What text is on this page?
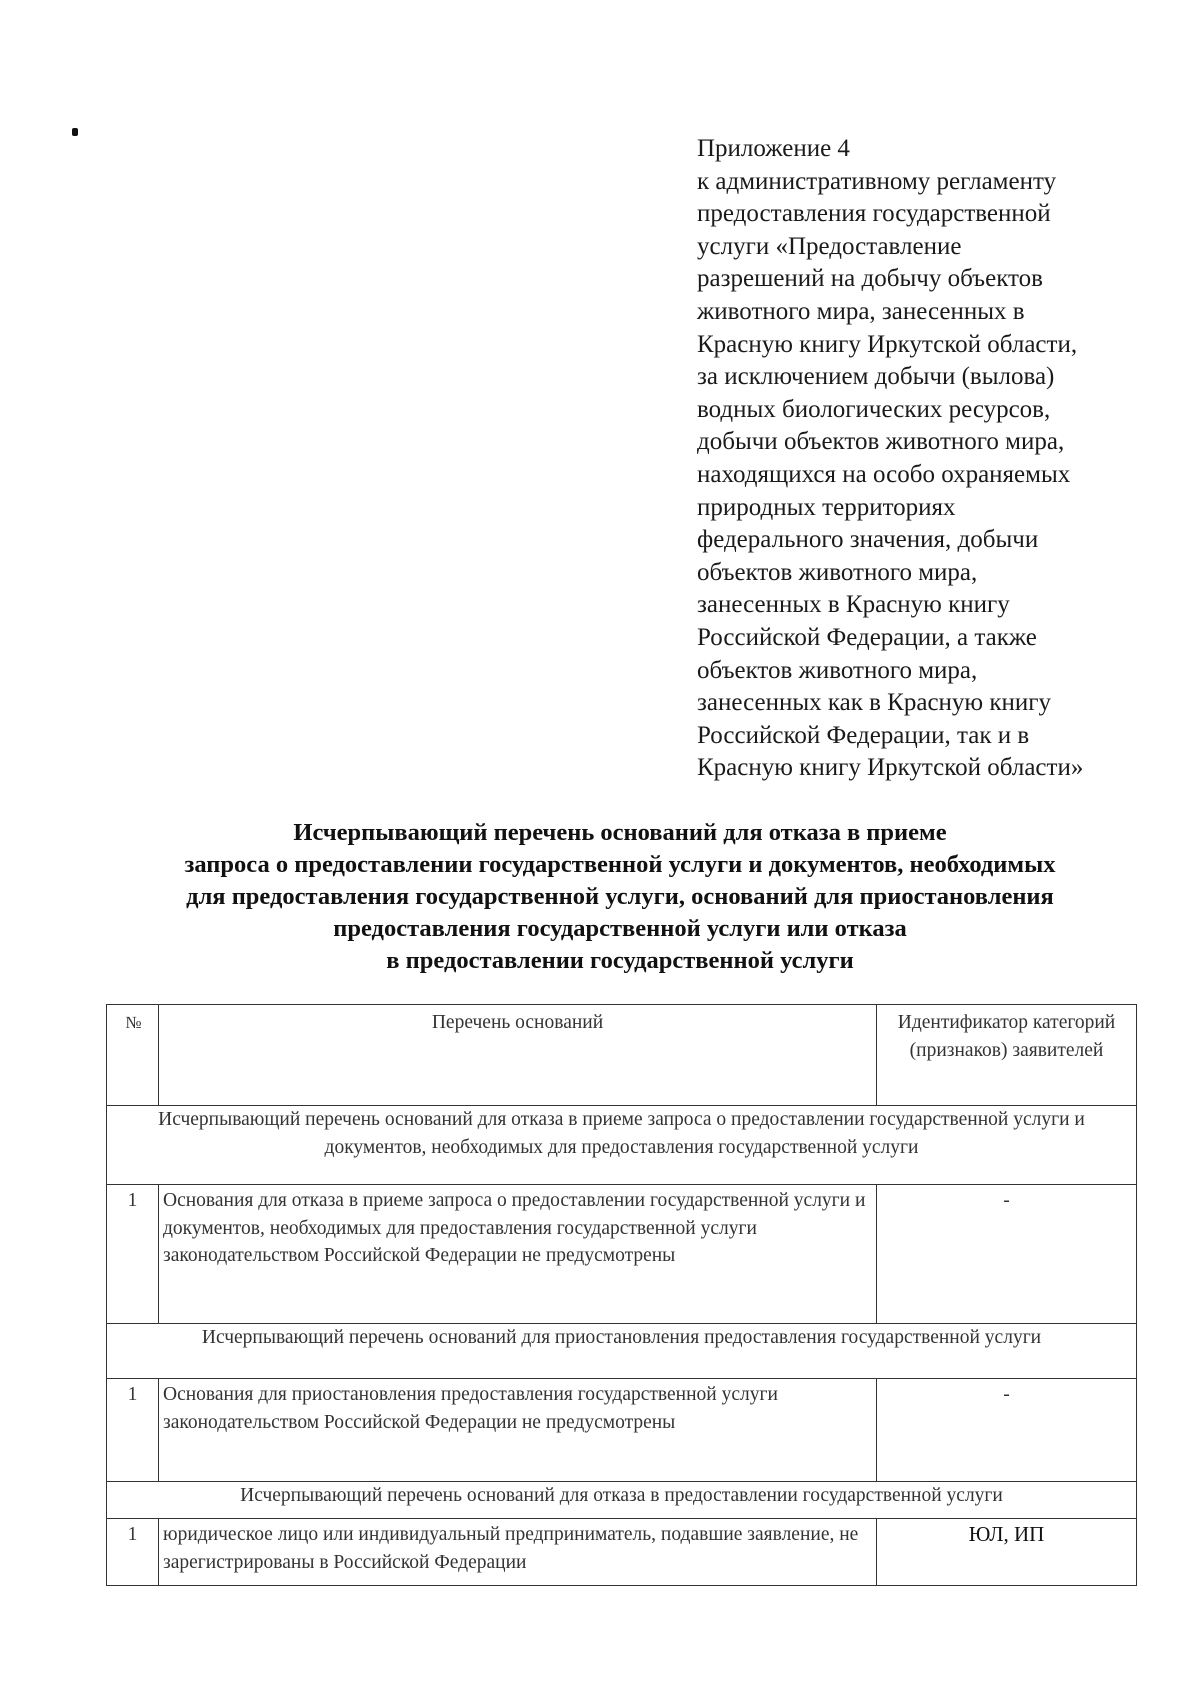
Приложение 4
к административному регламенту
предоставления государственной
услуги «Предоставление
разрешений на добычу объектов
животного мира, занесенных в
Красную книгу Иркутской области,
за исключением добычи (вылова)
водных биологических ресурсов,
добычи объектов животного мира,
находящихся на особо охраняемых
природных территориях
федерального значения, добычи
объектов животного мира,
занесенных в Красную книгу
Российской Федерации, а также
объектов животного мира,
занесенных как в Красную книгу
Российской Федерации, так и в
Красную книгу Иркутской области»
Исчерпывающий перечень оснований для отказа в приеме
запроса о предоставлении государственной услуги и документов, необходимых
для предоставления государственной услуги, оснований для приостановления
предоставления государственной услуги или отказа
в предоставлении государственной услуги
№	Перечень оснований	Идентификатор категорий (признаков) заявителей
Исчерпывающий перечень оснований для отказа в приеме запроса о предоставлении государственной услуги и документов, необходимых для предоставления государственной услуги		
1	Основания для отказа в приеме запроса о предоставлении государственной услуги и документов, необходимых для предоставления государственной услуги законодательством Российской Федерации не предусмотрены	-
Исчерпывающий перечень оснований для приостановления предоставления государственной услуги		
1	Основания для приостановления предоставления государственной услуги законодательством Российской Федерации не предусмотрены	-
Исчерпывающий перечень оснований для отказа в предоставлении государственной услуги		
1	юридическое лицо или индивидуальный предприниматель, подавшие заявление, не зарегистрированы в Российской Федерации	ЮЛ, ИП
